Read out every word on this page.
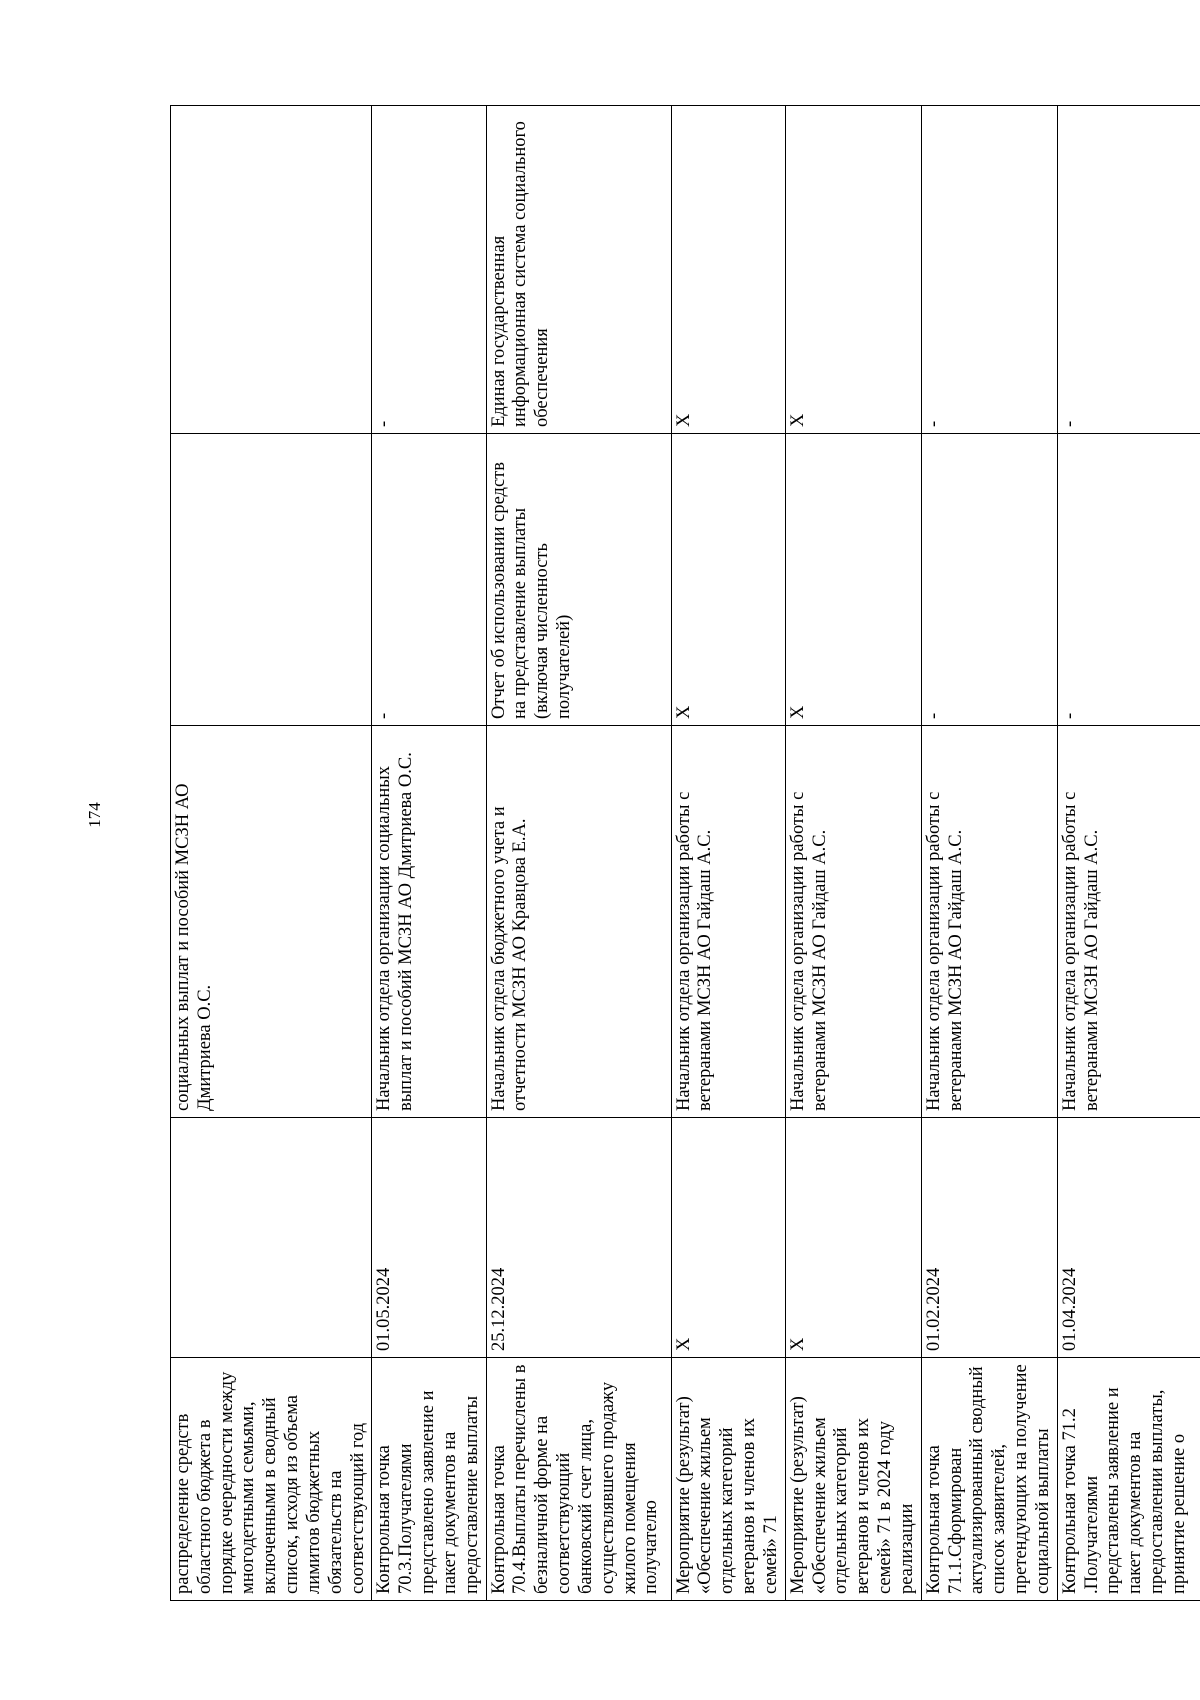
174
распределение средств областного бюджета в порядке очередности между многодетными семьями, включенными в сводный список, исходя из объема лимитов бюджетных обязательств на соответствующий год		социальных выплат и пособий МСЗН АО Дмитриева О.С.		
Контрольная точка 70.3.Получателями представлено заявление и пакет документов на предоставление выплаты	01.05.2024	Начальник отдела организации социальных выплат и пособий МСЗН АО Дмитриева О.С.	-	-
Контрольная точка 70.4.Выплаты перечислены в безналичной форме на соответствующий банковский счет лица, осуществлявшего продажу жилого помещения получателю	25.12.2024	Начальник отдела бюджетного учета и отчетности МСЗН АО Кравцова Е.А.	Отчет об использовании средств на представление выплаты (включая численность получателей)	Единая государственная информационная система социального обеспечения
Мероприятие (результат) «Обеспечение жильем отдельных категорий ветеранов и членов их семей» 71	Х	Начальник отдела организации работы с ветеранами МСЗН АО Гайдаш А.С.	Х	Х
Мероприятие (результат) «Обеспечение жильем отдельных категорий ветеранов и членов их семей» 71 в 2024 году реализации	Х	Начальник отдела организации работы с ветеранами МСЗН АО Гайдаш А.С.	Х	Х
Контрольная точка 71.1.Сформирован актуализированный сводный список заявителей, претендующих на получение социальной выплаты	01.02.2024	Начальник отдела организации работы с ветеранами МСЗН АО Гайдаш А.С.	-	-
Контрольная точка 71.2 .Получателями представлены заявление и пакет документов на предоставлении выплаты, принятие решение о	01.04.2024	Начальник отдела организации работы с ветеранами МСЗН АО Гайдаш А.С.	-	-
